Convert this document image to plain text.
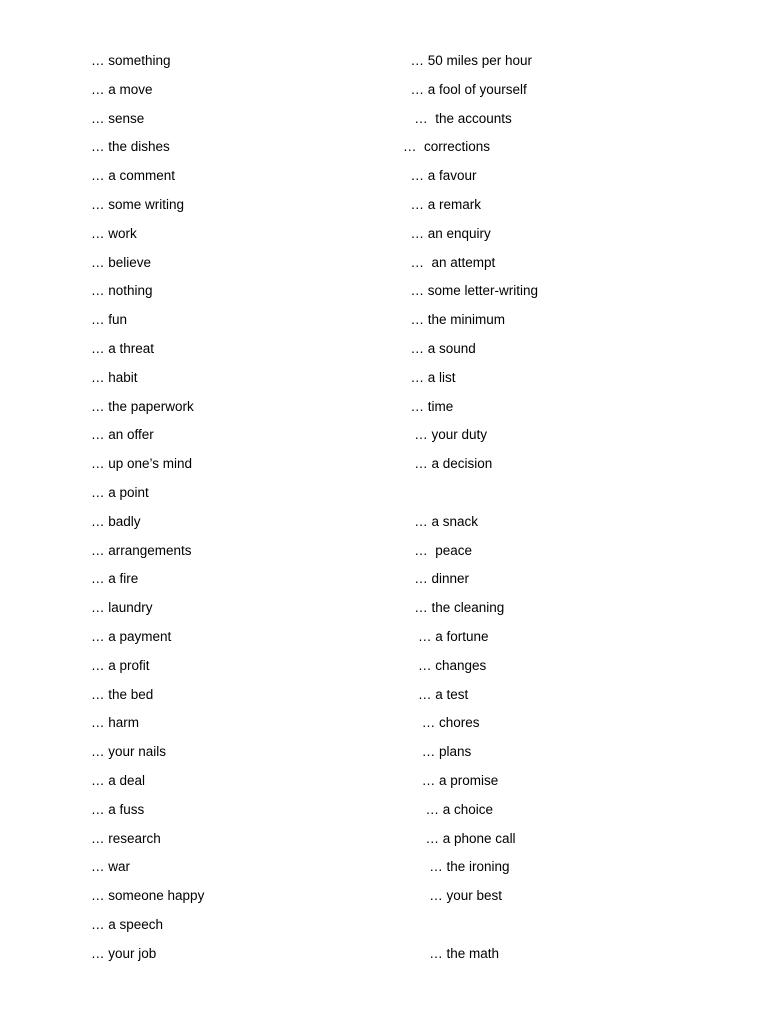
… something
… a move
… sense
… the dishes
… a comment
… some writing
… work
… believe
… nothing
… fun
… a threat
… habit
… the paperwork
… an offer
… up one’s mind
… a point
… badly
… arrangements
… a fire
… laundry
… a payment
… a profit
… the bed
… harm
… your nails
… a deal
… a fuss
… research
… war
… someone happy
… a speech
… your job
… 50 miles per hour
… a fool of yourself
…  the accounts
…  corrections
… a favour
… a remark
… an enquiry
…  an attempt
… some letter-writing
… the minimum
… a sound
… a list
… time
… your duty
… a decision
… a snack
…  peace
… dinner
… the cleaning
… a fortune
… changes
… a test
… chores
… plans
… a promise
… a choice
… a phone call
… the ironing
… your best
… the math
